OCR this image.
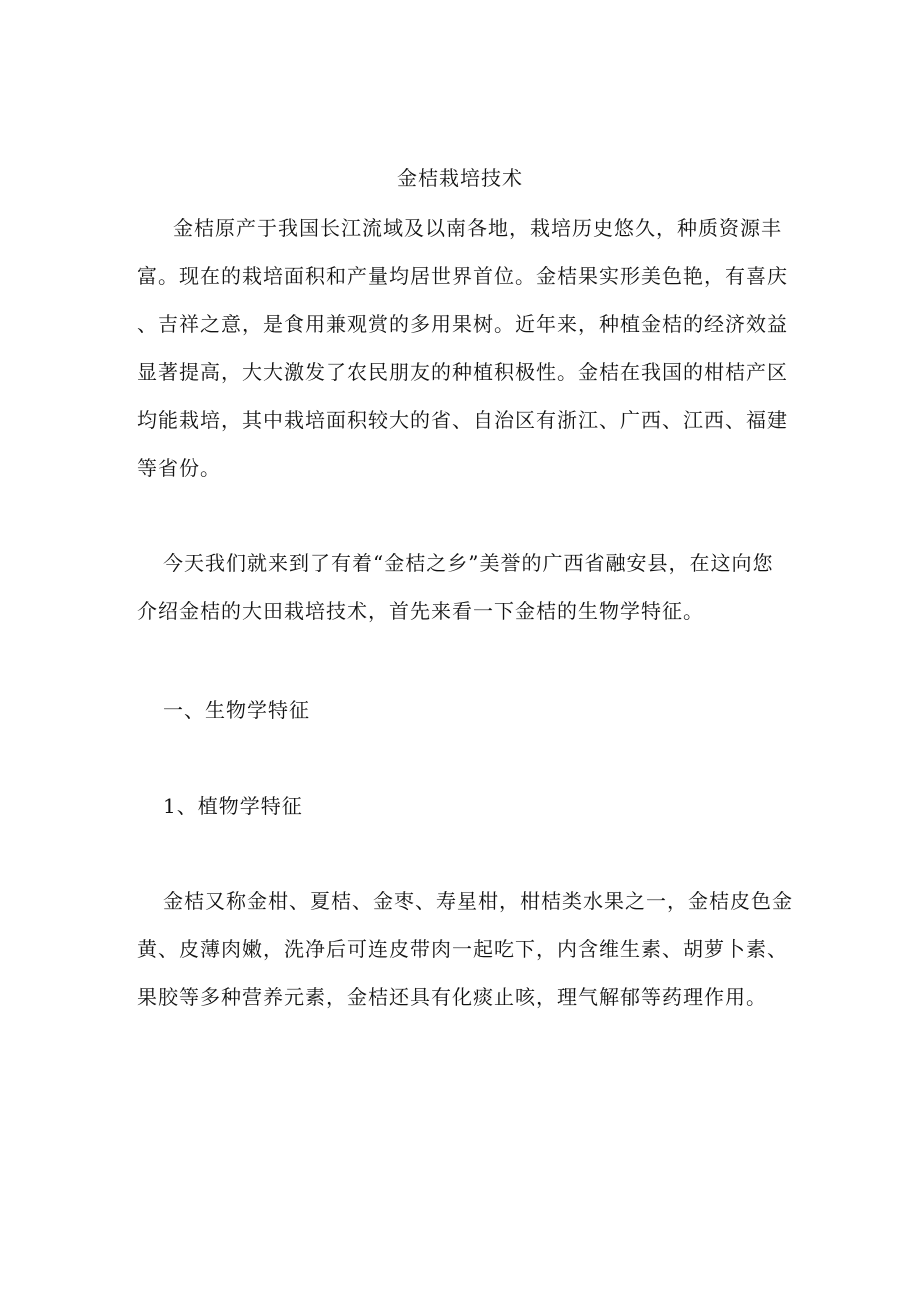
金桔栽培技术
金桔原产于我国长江流域及以南各地，栽培历史悠久，种质资源丰
富。现在的栽培面积和产量均居世界首位。金桔果实形美色艳，有喜庆
、吉祥之意，是食用兼观赏的多用果树。近年来，种植金桔的经济效益
显著提高，大大激发了农民朋友的种植积极性。金桔在我国的柑桔产区
均能栽培，其中栽培面积较大的省、自治区有浙江、广西、江西、福建
等省份。
今天我们就来到了有着“金桔之乡”美誉的广西省融安县，在这向您
介绍金桔的大田栽培技术，首先来看一下金桔的生物学特征。
一、生物学特征
1、植物学特征
金桔又称金柑、夏桔、金枣、寿星柑，柑桔类水果之一，金桔皮色金
黄、皮薄肉嫩，洗净后可连皮带肉一起吃下，内含维生素、胡萝卜素、
果胶等多种营养元素，金桔还具有化痰止咳，理气解郁等药理作用。
